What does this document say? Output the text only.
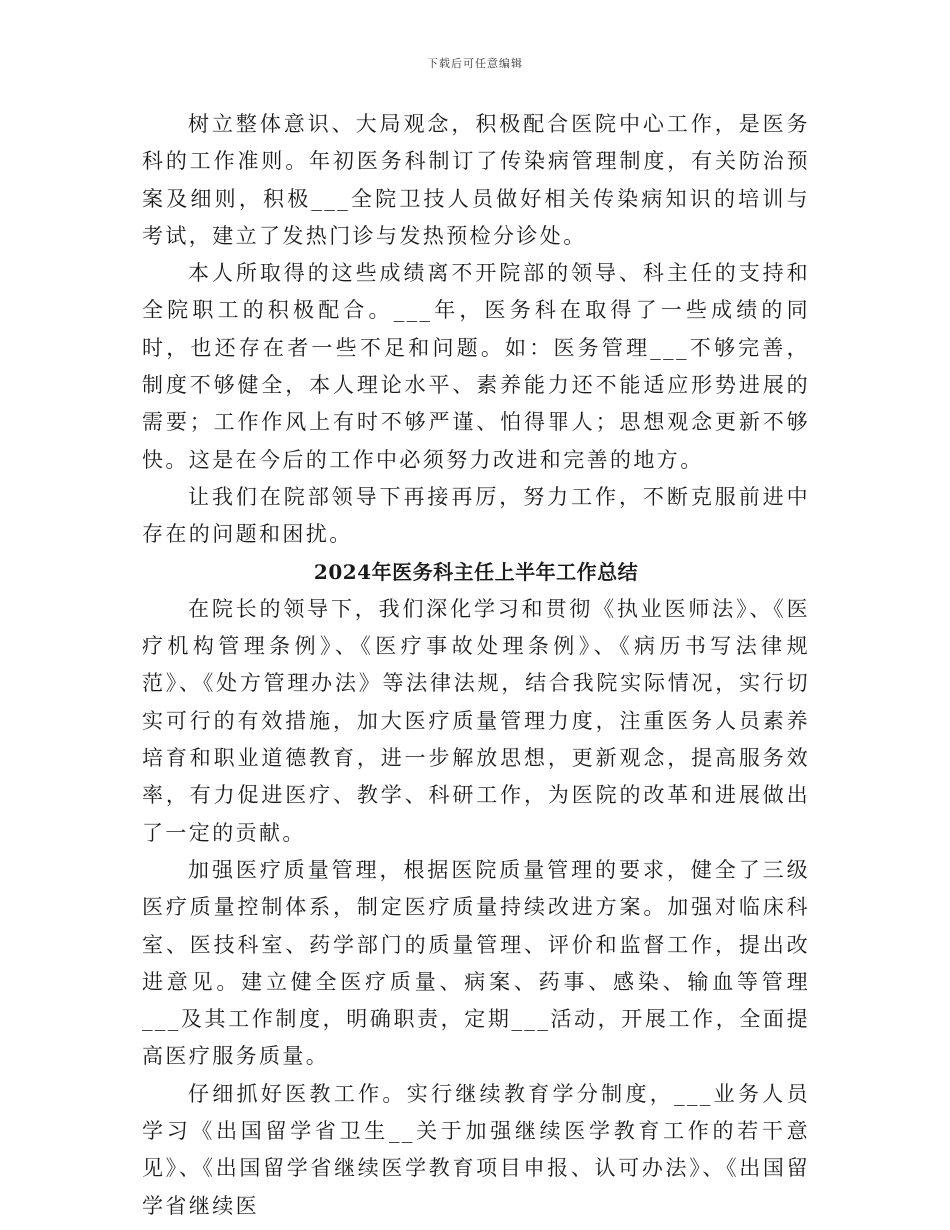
下载后可任意编辑

树立整体意识、大局观念，积极配合医院中心工作，是医务科的工作准则。年初医务科制订了传染病管理制度，有关防治预案及细则，积极___全院卫技人员做好相关传染病知识的培训与考试，建立了发热门诊与发热预检分诊处。

本人所取得的这些成绩离不开院部的领导、科主任的支持和全院职工的积极配合。___年，医务科在取得了一些成绩的同时，也还存在者一些不足和问题。如：医务管理___不够完善，制度不够健全，本人理论水平、素养能力还不能适应形势进展的需要；工作作风上有时不够严谨、怕得罪人；思想观念更新不够快。这是在今后的工作中必须努力改进和完善的地方。

让我们在院部领导下再接再厉，努力工作，不断克服前进中存在的问题和困扰。

2024年医务科主任上半年工作总结

在院长的领导下，我们深化学习和贯彻《执业医师法》、《医疗机构管理条例》、《医疗事故处理条例》、《病历书写法律规范》、《处方管理办法》等法律法规，结合我院实际情况，实行切实可行的有效措施，加大医疗质量管理力度，注重医务人员素养培育和职业道德教育，进一步解放思想，更新观念，提高服务效率，有力促进医疗、教学、科研工作，为医院的改革和进展做出了一定的贡献。

加强医疗质量管理，根据医院质量管理的要求，健全了三级医疗质量控制体系，制定医疗质量持续改进方案。加强对临床科室、医技科室、药学部门的质量管理、评价和监督工作，提出改进意见。建立健全医疗质量、病案、药事、感染、输血等管理___及其工作制度，明确职责，定期___活动，开展工作，全面提高医疗服务质量。

仔细抓好医教工作。实行继续教育学分制度，___业务人员学习《出国留学省卫生__关于加强继续医学教育工作的若干意见》、《出国留学省继续医学教育项目申报、认可办法》、《出国留学省继续医
